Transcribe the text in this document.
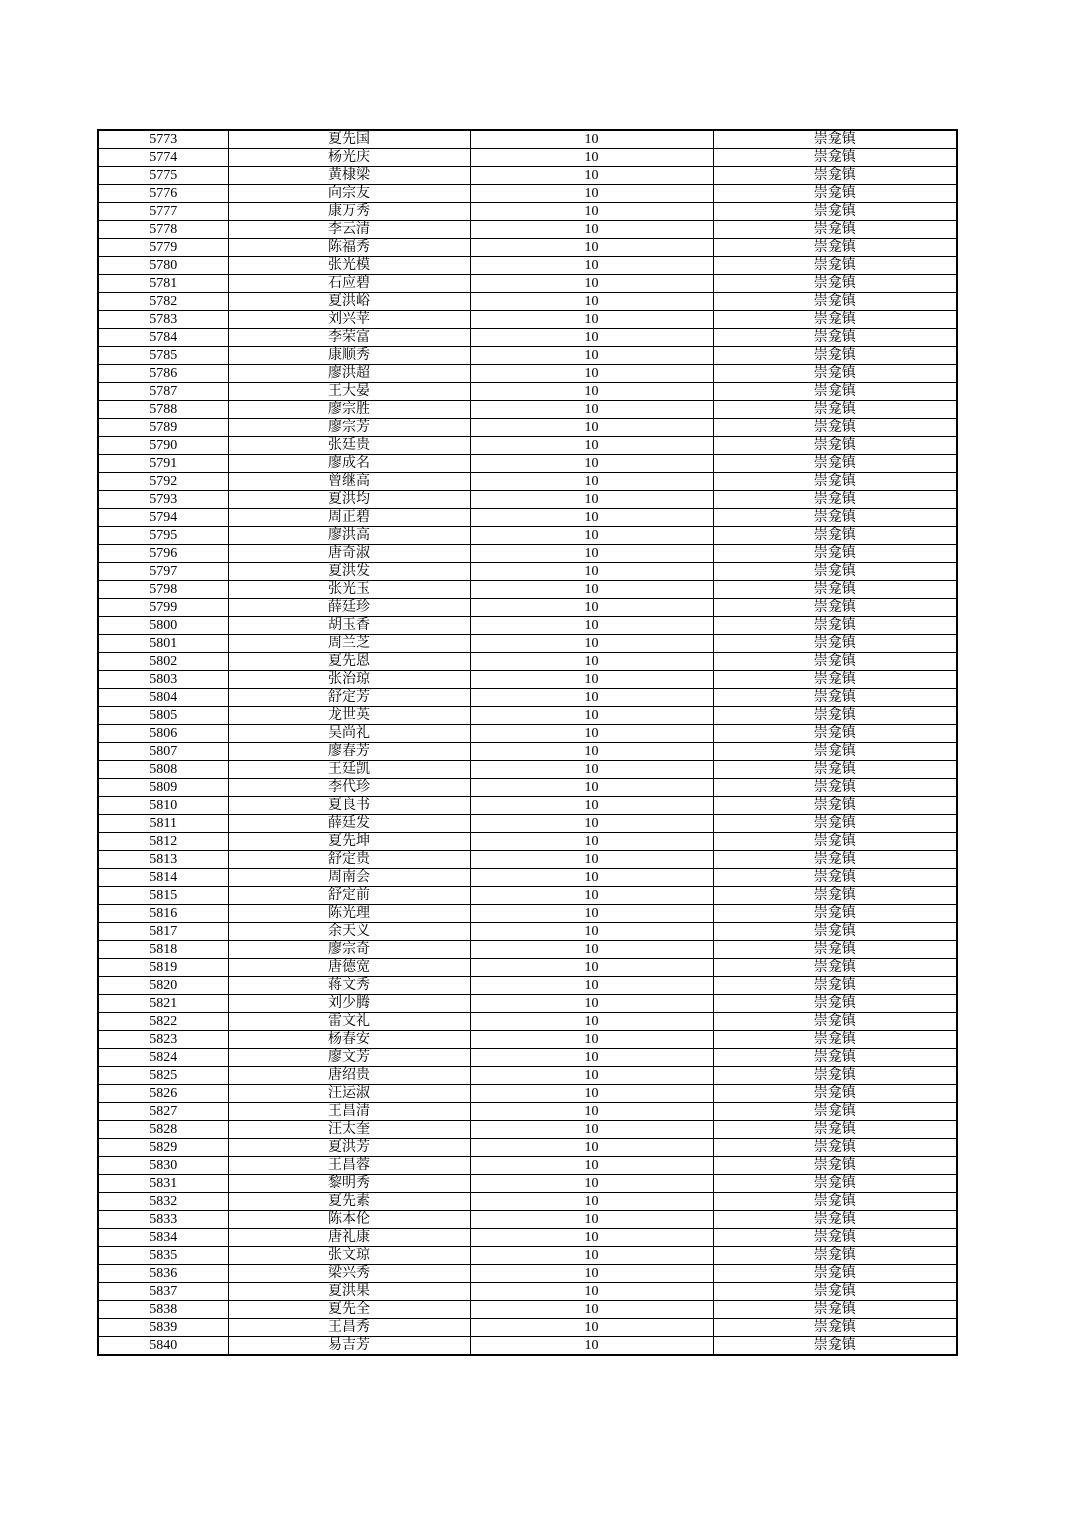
5773	夏先国	10	崇龛镇
5774	杨光庆	10	崇龛镇
5775	黄棣梁	10	崇龛镇
5776	向宗友	10	崇龛镇
5777	康万秀	10	崇龛镇
5778	李云清	10	崇龛镇
5779	陈福秀	10	崇龛镇
5780	张光模	10	崇龛镇
5781	石应碧	10	崇龛镇
5782	夏洪峪	10	崇龛镇
5783	刘兴苹	10	崇龛镇
5784	李荣富	10	崇龛镇
5785	康顺秀	10	崇龛镇
5786	廖洪超	10	崇龛镇
5787	王大晏	10	崇龛镇
5788	廖宗胜	10	崇龛镇
5789	廖宗芳	10	崇龛镇
5790	张廷贵	10	崇龛镇
5791	廖成名	10	崇龛镇
5792	曾继高	10	崇龛镇
5793	夏洪均	10	崇龛镇
5794	周正碧	10	崇龛镇
5795	廖洪高	10	崇龛镇
5796	唐奇淑	10	崇龛镇
5797	夏洪发	10	崇龛镇
5798	张光玉	10	崇龛镇
5799	薛廷珍	10	崇龛镇
5800	胡玉香	10	崇龛镇
5801	周兰芝	10	崇龛镇
5802	夏先恩	10	崇龛镇
5803	张治琼	10	崇龛镇
5804	舒定芳	10	崇龛镇
5805	龙世英	10	崇龛镇
5806	吴尚礼	10	崇龛镇
5807	廖春芳	10	崇龛镇
5808	王廷凯	10	崇龛镇
5809	李代珍	10	崇龛镇
5810	夏良书	10	崇龛镇
5811	薛廷发	10	崇龛镇
5812	夏先坤	10	崇龛镇
5813	舒定贵	10	崇龛镇
5814	周南会	10	崇龛镇
5815	舒定前	10	崇龛镇
5816	陈光理	10	崇龛镇
5817	余天义	10	崇龛镇
5818	廖宗奇	10	崇龛镇
5819	唐德宽	10	崇龛镇
5820	蒋文秀	10	崇龛镇
5821	刘少腾	10	崇龛镇
5822	雷文礼	10	崇龛镇
5823	杨春安	10	崇龛镇
5824	廖文芳	10	崇龛镇
5825	唐绍贵	10	崇龛镇
5826	汪运淑	10	崇龛镇
5827	王昌清	10	崇龛镇
5828	汪太奎	10	崇龛镇
5829	夏洪芳	10	崇龛镇
5830	王昌蓉	10	崇龛镇
5831	黎明秀	10	崇龛镇
5832	夏先素	10	崇龛镇
5833	陈本伦	10	崇龛镇
5834	唐礼康	10	崇龛镇
5835	张文琼	10	崇龛镇
5836	梁兴秀	10	崇龛镇
5837	夏洪果	10	崇龛镇
5838	夏先全	10	崇龛镇
5839	王昌秀	10	崇龛镇
5840	易吉芳	10	崇龛镇
